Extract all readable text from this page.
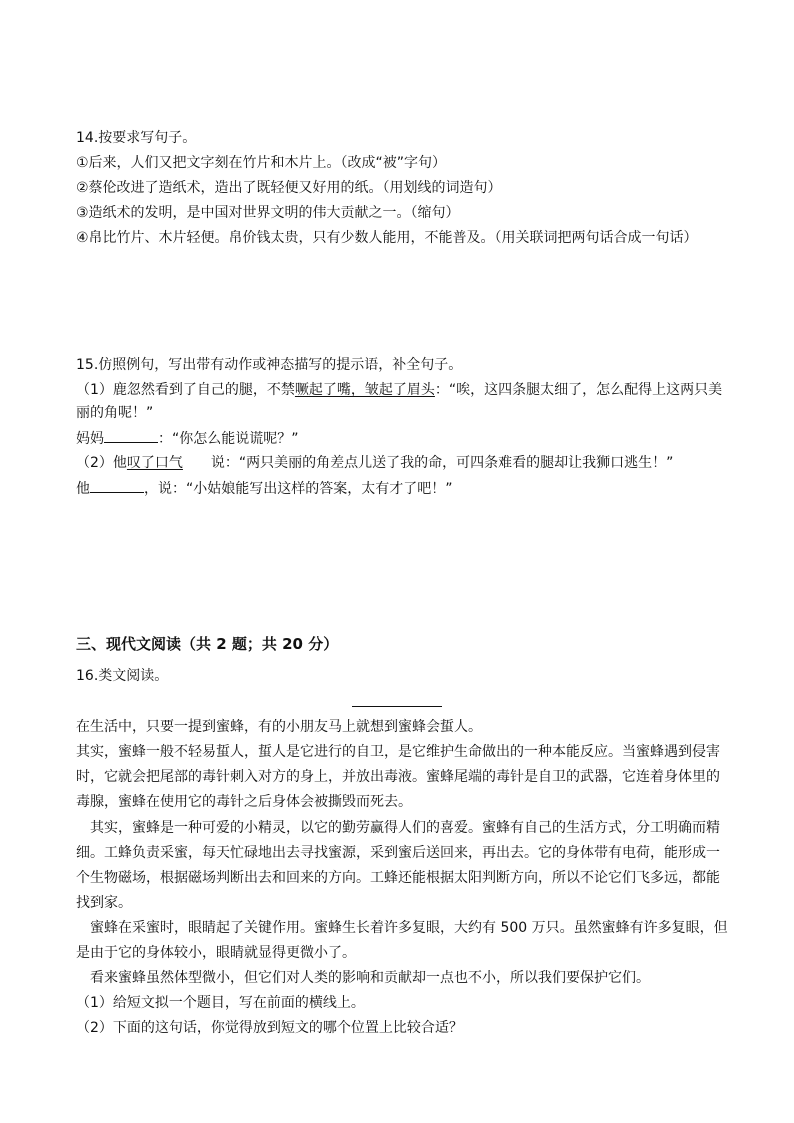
14.按要求写句子。
①后来，人们又把文字刻在竹片和木片上。（改成“被”字句）
②蔡伦改进了造纸术，造出了既轻便又好用的纸。（用划线的词造句）
③造纸术的发明，是中国对世界文明的伟大贡献之一。（缩句）
④帛比竹片、木片轻便。帛价钱太贵，只有少数人能用，不能普及。（用关联词把两句话合成一句话）
15.仿照例句，写出带有动作或神态描写的提示语，补全句子。
（1）鹿忽然看到了自己的腿，不禁噘起了嘴，皱起了眉头：“唉，这四条腿太细了，怎么配得上这两只美
丽的角呢！”
妈妈	：“你怎么能说谎呢？”
（2）他叹了口气 说：“两只美丽的角差点儿送了我的命，可四条难看的腿却让我狮口逃生！”
他	，说：“小姑娘能写出这样的答案，太有才了吧！”
三、现代文阅读（共 2 题；共 20 分）
16.类文阅读。
在生活中，只要一提到蜜蜂，有的小朋友马上就想到蜜蜂会蜇人。
其实，蜜蜂一般不轻易蜇人，蜇人是它进行的自卫，是它维护生命做出的一种本能反应。当蜜蜂遇到侵害
时，它就会把尾部的毒针刺入对方的身上，并放出毒液。蜜蜂尾端的毒针是自卫的武器，它连着身体里的
毒腺，蜜蜂在使用它的毒针之后身体会被撕毁而死去。
其实，蜜蜂是一种可爱的小精灵，以它的勤劳赢得人们的喜爱。蜜蜂有自己的生活方式，分工明确而精
细。工蜂负责采蜜，每天忙碌地出去寻找蜜源，采到蜜后送回来，再出去。它的身体带有电荷，能形成一
个生物磁场，根据磁场判断出去和回来的方向。工蜂还能根据太阳判断方向，所以不论它们飞多远，都能
找到家。
蜜蜂在采蜜时，眼睛起了关键作用。蜜蜂生长着许多复眼，大约有 500 万只。虽然蜜蜂有许多复眼，但
是由于它的身体较小，眼睛就显得更微小了。
看来蜜蜂虽然体型微小，但它们对人类的影响和贡献却一点也不小，所以我们要保护它们。
（1）给短文拟一个题目，写在前面的横线上。
（2）下面的这句话，你觉得放到短文的哪个位置上比较合适？
